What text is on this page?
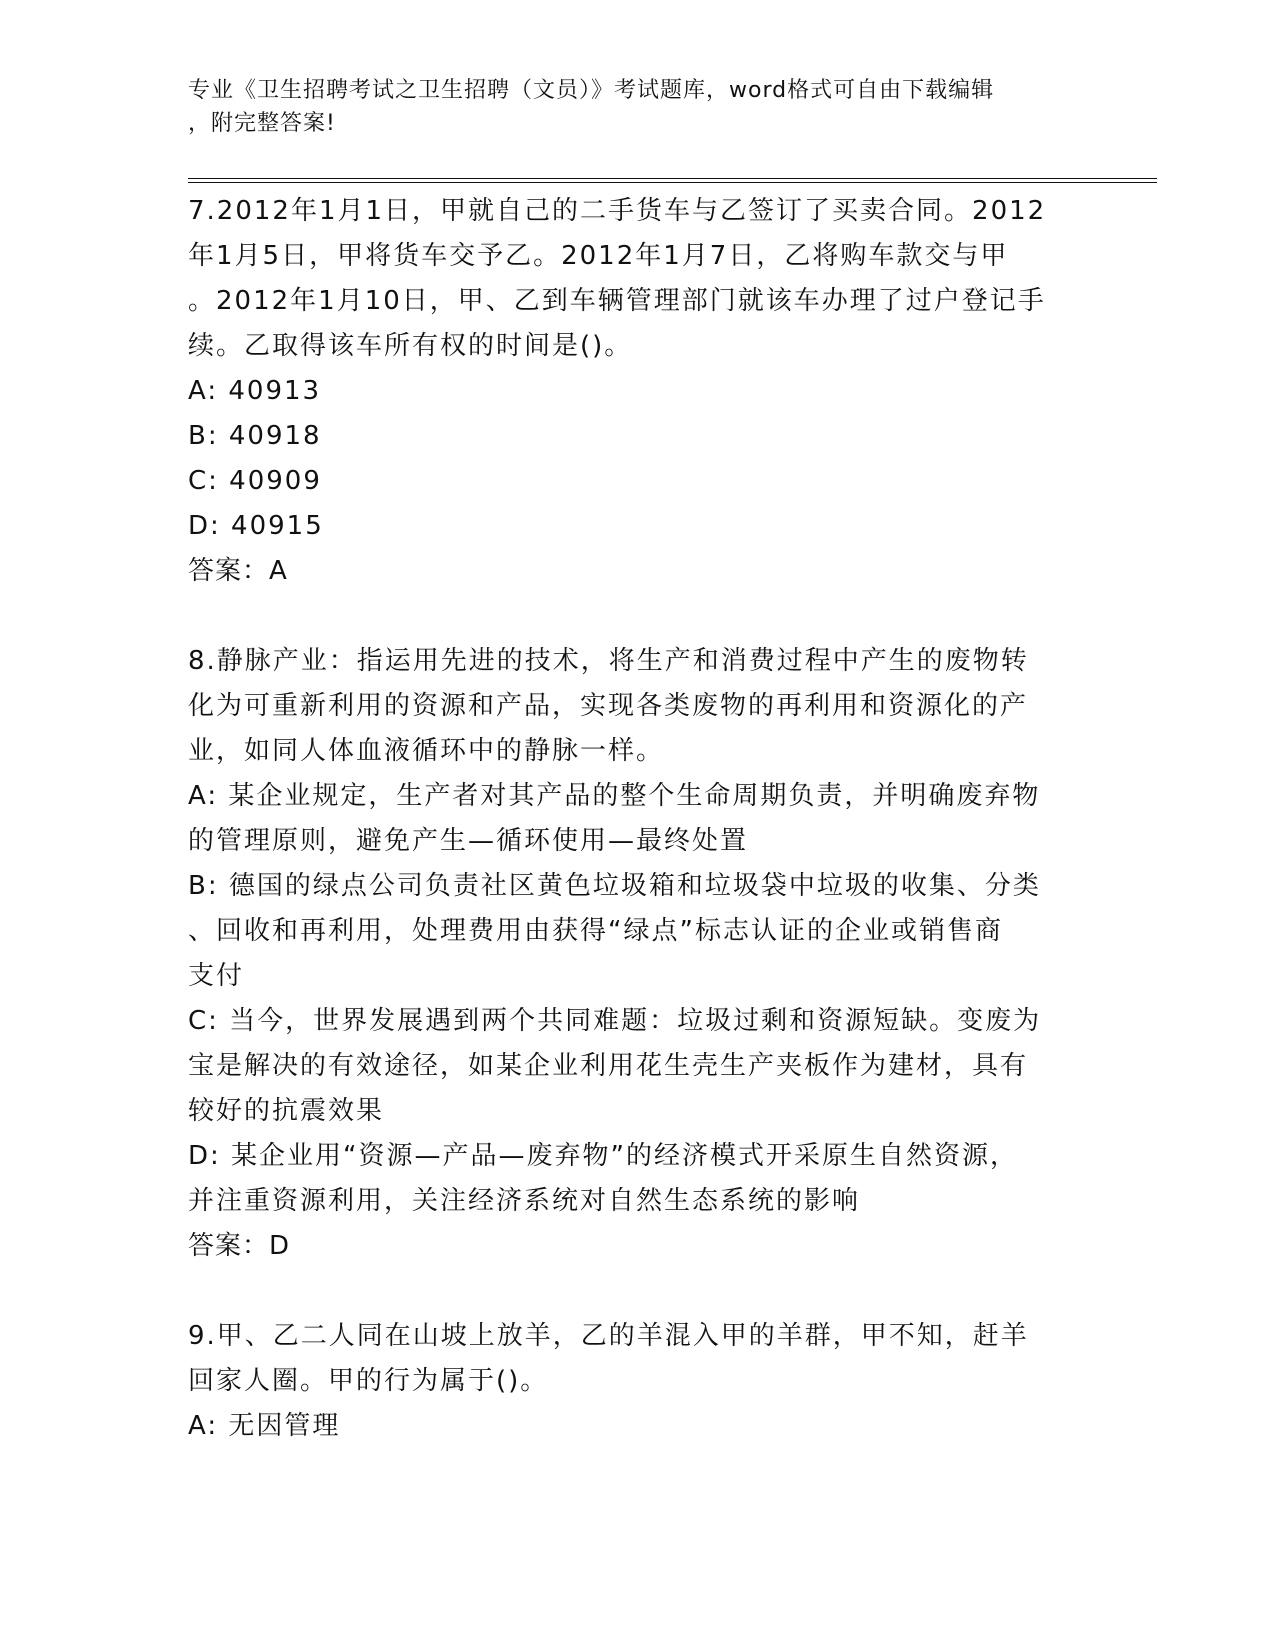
专业《卫生招聘考试之卫生招聘（文员）》考试题库，word格式可自由下载编辑
，附完整答案!

7.2012年1月1日，甲就自己的二手货车与乙签订了买卖合同。2012

年1月5日，甲将货车交予乙。2012年1月7日，乙将购车款交与甲

。2012年1月10日，甲、乙到车辆管理部门就该车办理了过户登记手

续。乙取得该车所有权的时间是()。

A: 40913

B: 40918

C: 40909

D: 40915

答案：A

8.静脉产业：指运用先进的技术，将生产和消费过程中产生的废物转

化为可重新利用的资源和产品，实现各类废物的再利用和资源化的产

业，如同人体血液循环中的静脉一样。

A: 某企业规定，生产者对其产品的整个生命周期负责，并明确废弃物

的管理原则，避免产生—循环使用—最终处置

B: 德国的绿点公司负责社区黄色垃圾箱和垃圾袋中垃圾的收集、分类

、回收和再利用，处理费用由获得“绿点”标志认证的企业或销售商

支付

C: 当今，世界发展遇到两个共同难题：垃圾过剩和资源短缺。变废为

宝是解决的有效途径，如某企业利用花生壳生产夹板作为建材，具有

较好的抗震效果

D: 某企业用“资源—产品—废弃物”的经济模式开采原生自然资源，

并注重资源利用，关注经济系统对自然生态系统的影响

答案：D

9.甲、乙二人同在山坡上放羊，乙的羊混入甲的羊群，甲不知，赶羊

回家人圈。甲的行为属于()。

A: 无因管理
